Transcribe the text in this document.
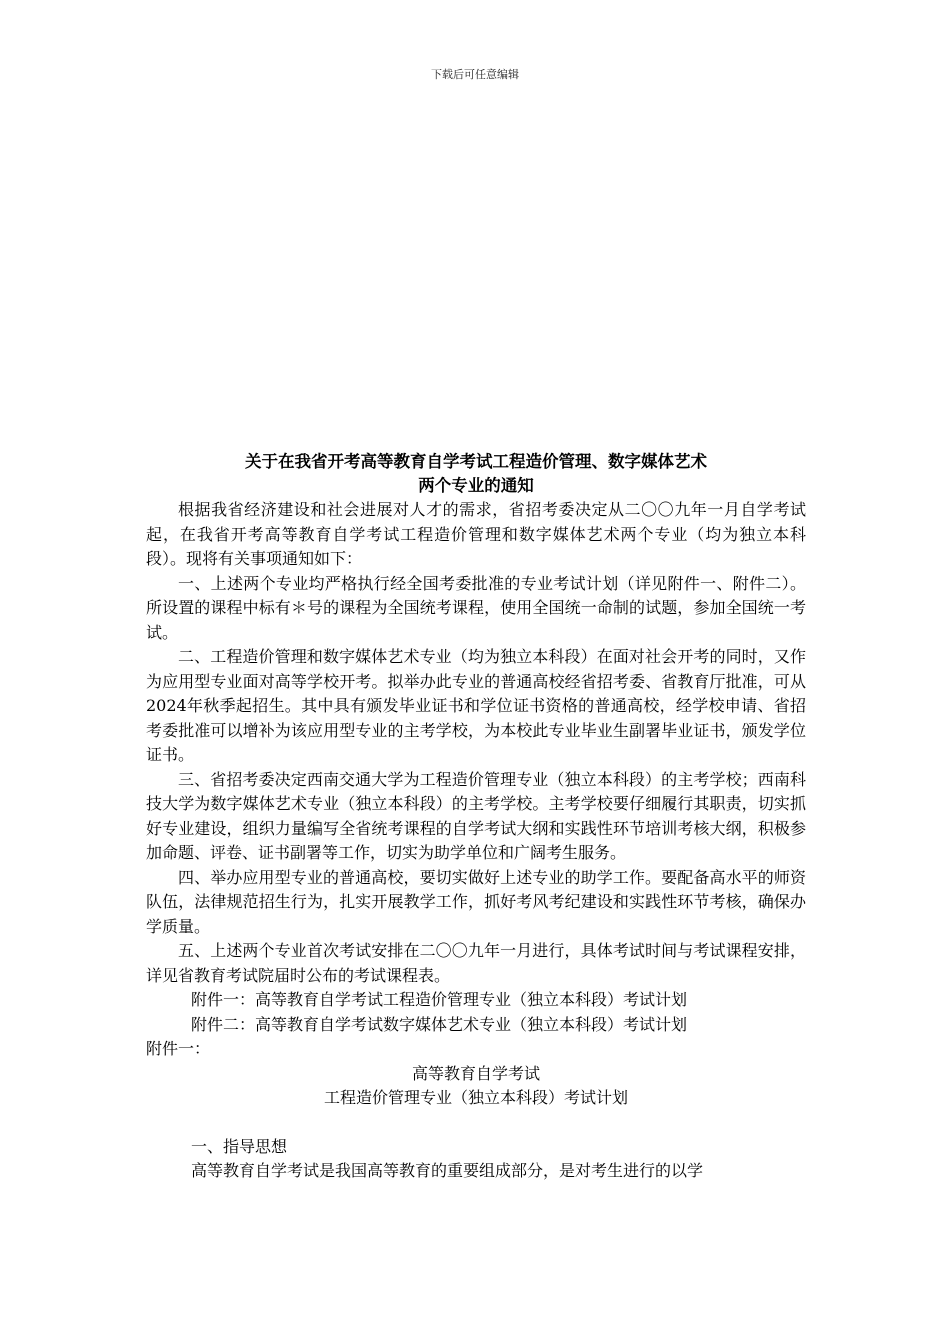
下载后可任意编辑

关于在我省开考高等教育自学考试工程造价管理、数字媒体艺术

两个专业的通知

根据我省经济建设和社会进展对人才的需求，省招考委决定从二〇〇九年一月自学考试起，在我省开考高等教育自学考试工程造价管理和数字媒体艺术两个专业（均为独立本科段）。现将有关事项通知如下：

一、上述两个专业均严格执行经全国考委批准的专业考试计划（详见附件一、附件二）。所设置的课程中标有＊号的课程为全国统考课程，使用全国统一命制的试题，参加全国统一考试。

二、工程造价管理和数字媒体艺术专业（均为独立本科段）在面对社会开考的同时，又作为应用型专业面对高等学校开考。拟举办此专业的普通高校经省招考委、省教育厅批准，可从2024年秋季起招生。其中具有颁发毕业证书和学位证书资格的普通高校，经学校申请、省招考委批准可以增补为该应用型专业的主考学校，为本校此专业毕业生副署毕业证书，颁发学位证书。

三、省招考委决定西南交通大学为工程造价管理专业（独立本科段）的主考学校；西南科技大学为数字媒体艺术专业（独立本科段）的主考学校。主考学校要仔细履行其职责，切实抓好专业建设，组织力量编写全省统考课程的自学考试大纲和实践性环节培训考核大纲，积极参加命题、评卷、证书副署等工作，切实为助学单位和广阔考生服务。

四、举办应用型专业的普通高校，要切实做好上述专业的助学工作。要配备高水平的师资队伍，法律规范招生行为，扎实开展教学工作，抓好考风考纪建设和实践性环节考核，确保办学质量。

五、上述两个专业首次考试安排在二〇〇九年一月进行，具体考试时间与考试课程安排，详见省教育考试院届时公布的考试课程表。

附件一：高等教育自学考试工程造价管理专业（独立本科段）考试计划

附件二：高等教育自学考试数字媒体艺术专业（独立本科段）考试计划

附件一：

高等教育自学考试

工程造价管理专业（独立本科段）考试计划

一、指导思想

高等教育自学考试是我国高等教育的重要组成部分，是对考生进行的以学
